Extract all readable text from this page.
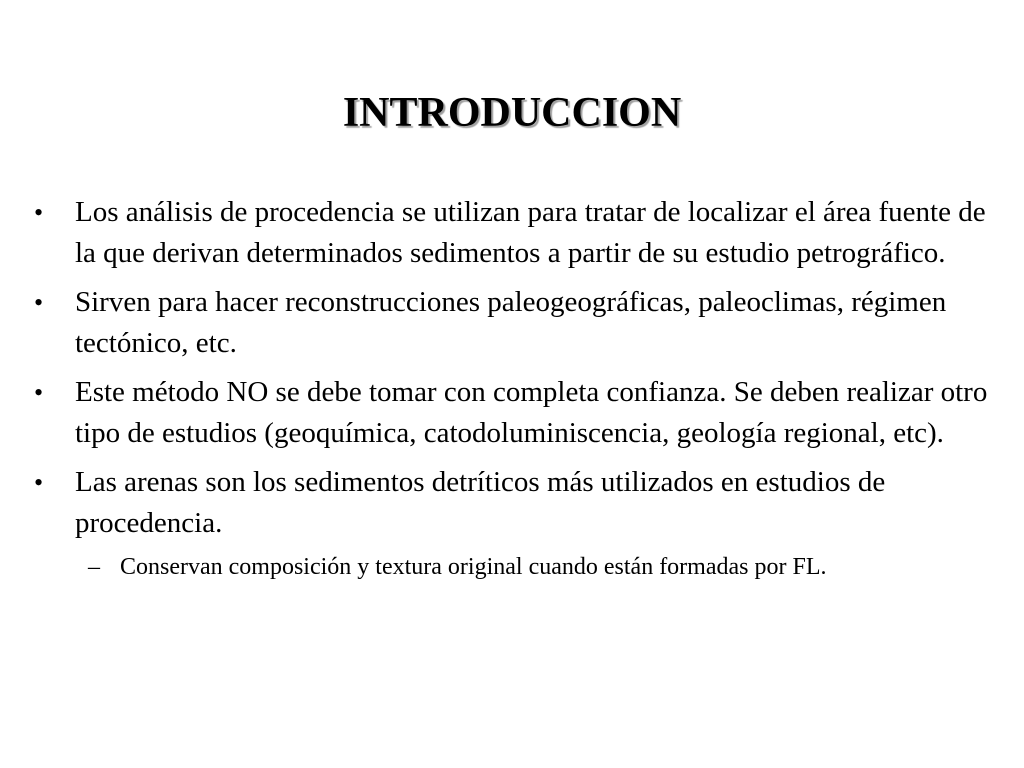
INTRODUCCION
•	Los análisis de procedencia se utilizan para tratar de localizar el área fuente de la que derivan determinados sedimentos a partir de su estudio petrográfico.
•	Sirven para hacer reconstrucciones paleogeográficas, paleoclimas, régimen tectónico, etc.
•	Este método NO se debe tomar con completa confianza. Se deben realizar otro tipo de estudios (geoquímica, catodoluminiscencia, geología regional, etc).
•	Las arenas son los sedimentos detríticos más utilizados en estudios de procedencia.
– Conservan composición y textura original cuando están formadas por FL.
